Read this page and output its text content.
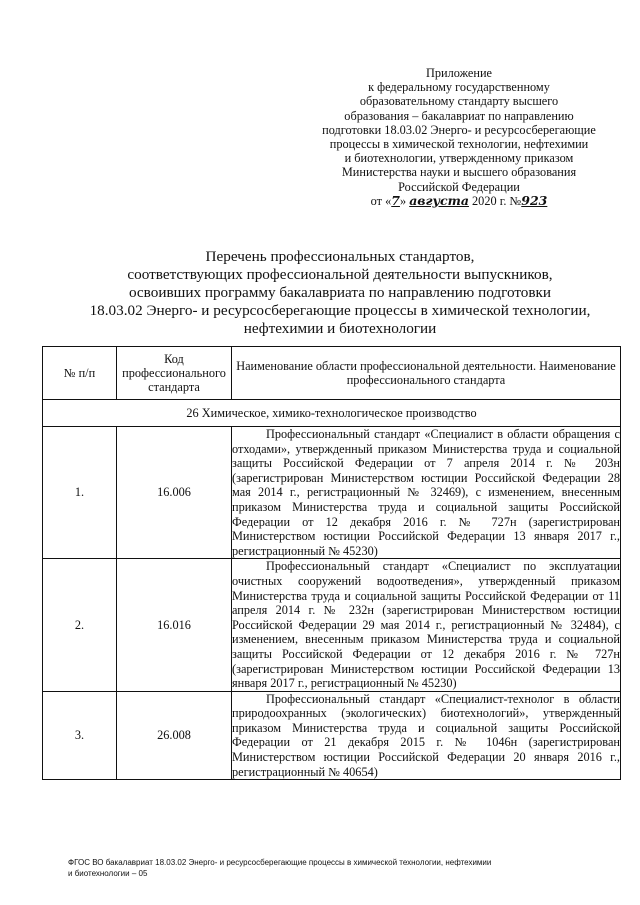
Приложение
к федеральному государственному
образовательному стандарту высшего
образования – бакалавриат по направлению
подготовки 18.03.02 Энерго- и ресурсосберегающие
процессы в химической технологии, нефтехимии
и биотехнологии, утвержденному приказом
Министерства науки и высшего образования
Российской Федерации
от «7» августа 2020 г. №923
Перечень профессиональных стандартов,
соответствующих профессиональной деятельности выпускников,
освоивших программу бакалавриата по направлению подготовки
18.03.02 Энерго- и ресурсосберегающие процессы в химической технологии,
нефтехимии и биотехнологии
№ п/п	Код профессионального стандарта	Наименование области профессиональной деятельности. Наименование профессионального стандарта
26 Химическое, химико-технологическое производство		
1.	16.006	Профессиональный стандарт «Специалист в области обращения с отходами», утвержденный приказом Министерства труда и социальной защиты Российской Федерации от 7 апреля 2014 г. № 203н (зарегистрирован Министерством юстиции Российской Федерации 28 мая 2014 г., регистрационный № 32469), с изменением, внесенным приказом Министерства труда и социальной защиты Российской Федерации от 12 декабря 2016 г. № 727н (зарегистрирован Министерством юстиции Российской Федерации 13 января 2017 г., регистрационный № 45230)

2.	16.016	Профессиональный стандарт «Специалист по эксплуатации очистных сооружений водоотведения», утвержденный приказом Министерства труда и социальной защиты Российской Федерации от 11 апреля 2014 г. № 232н (зарегистрирован Министерством юстиции Российской Федерации 29 мая 2014 г., регистрационный № 32484), с изменением, внесенным приказом Министерства труда и социальной защиты Российской Федерации от 12 декабря 2016 г. № 727н (зарегистрирован Министерством юстиции Российской Федерации 13 января 2017 г., регистрационный № 45230)

3.	26.008	Профессиональный стандарт «Специалист-технолог в области природоохранных (экологических) биотехнологий», утвержденный приказом Министерства труда и социальной защиты Российской Федерации от 21 декабря 2015 г. № 1046н (зарегистрирован Министерством юстиции Российской Федерации 20 января 2016 г., регистрационный № 40654)
ФГОС ВО бакалавриат 18.03.02 Энерго- и ресурсосберегающие процессы в химической технологии, нефтехимии
и биотехнологии – 05
